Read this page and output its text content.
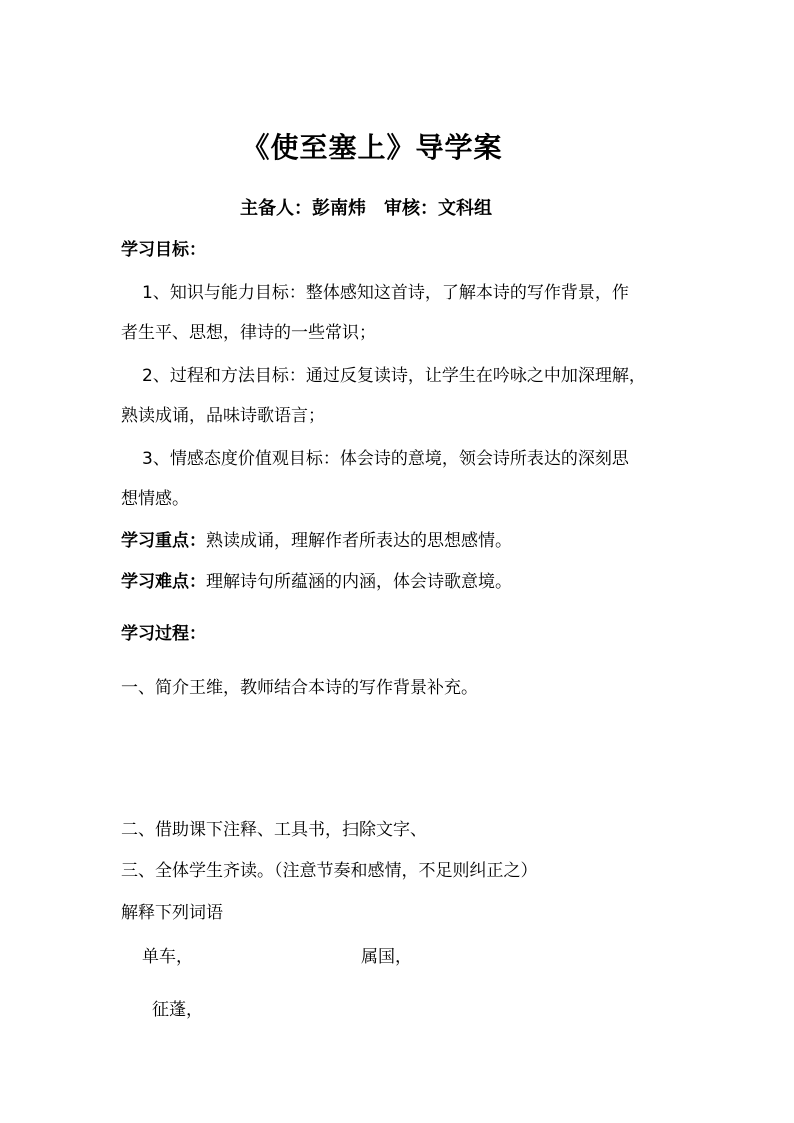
《使至塞上》导学案
主备人：彭南炜 审核：文科组
学习目标：
1、知识与能力目标：整体感知这首诗，了解本诗的写作背景，作
者生平、思想，律诗的一些常识；
2、过程和方法目标：通过反复读诗，让学生在吟咏之中加深理解，
熟读成诵，品味诗歌语言；
3、情感态度价值观目标：体会诗的意境，领会诗所表达的深刻思
想情感。
学习重点：熟读成诵，理解作者所表达的思想感情。
学习难点：理解诗句所蕴涵的内涵，体会诗歌意境。
学习过程：
一、简介王维，教师结合本诗的写作背景补充。
二、借助课下注释、工具书，扫除文字、
三、全体学生齐读。（注意节奏和感情，不足则纠正之）
解释下列词语
单车，	属国，
征蓬，
